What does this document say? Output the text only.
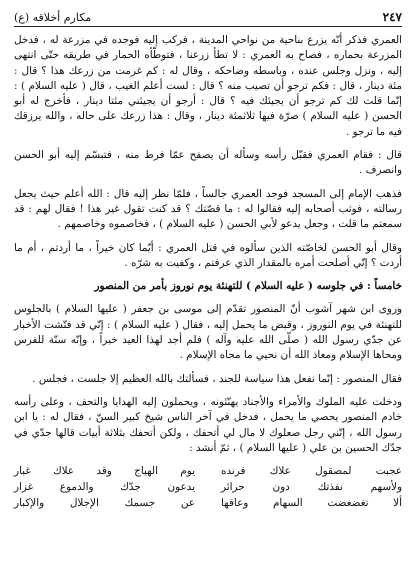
٢٤٧
مكارم أخلاقه (ع)

العمري فذكر أنّه يزرع بناحية من نواحي المدينة ، فركب إليه فوجده في مزرعة له ، فدخل المزرعة بحماره ، فصاح به العمري : لا تطأ زرعنا ، فتوطّأه الحمار في طريقه حتّى انتهى إليه ، ونزل وجلس عنده ، وباسطه وضاحكه ، وقال له : كم غرمت من زرعك هذا ؟ قال : مئة دينار ، قال : فكم ترجو أن تصيب منه ؟ قال : لست أعلم الغيب ، قال ( عليه السلام ) : إنّما قلت لك كم ترجو أن يجيئك فيه ؟ قال : أرجو أن يجيئني مئتا دينار ، فأخرج له أبو الحسن ( عليه السلام ) صرّة فيها ثلاثمئة دينار ، وقال : هذا زرعك على حاله ، والله يرزقك فيه ما ترجو .

قال : فقام العمري فقبّل رأسه وسأله أن يصفح عمّا فرط منه ، فتبسّم إليه أبو الحسن وانصرف .

فذهب الإمام إلى المسجد فوجد العمري جالساً ، فلمّا نظر إليه قال : الله أعلم حيث يجعل رسالته ، فوثب أصحابه إليه فقالوا له : ما قصّتك ؟ قد كنت تقول غير هذا ! فقال لهم : قد سمعتم ما قلت ، وجعل يدعو لأبي الحسن ( عليه السلام ) ، فخاصموه وخاصمهم .

وقال أبو الحسن لخاصّته الذين سألوه في قتل العمري : أيّما كان خيراً ، ما أردتم ، أم ما أردت ؟ إنّي أصلحت أمره بالمقدار الذي عرفتم ، وكفيت به شرّه .

خامساً : في جلوسه ( عليه السلام ) للتهنئة يوم نوروز بأمر من المنصور

وروى ابن شهر آشوب أنّ المنصور تقدّم إلى موسى بن جعفر ( عليها السلام ) بالجلوس للتهنئة في يوم النوروز ، وقبض ما يحمل إليه ، فقال ( عليه السلام ) : إنّي قد فتّشت الأخبار عن جدّي رسول الله ( صلّى الله عليه وآله ) فلم أجد لهذا العيد خبراً ، وإنّه سنّة للفرس ومحاها الإسلام ومعاذ الله أن نحيي ما محاه الإسلام .

فقال المنصور : إنّما نفعل هذا سياسة للجند ، فسألتك بالله العظيم إلا جلست ، فجلس .

ودخلت عليه الملوك والأمراء والأجناد يهنّئونه ، ويحملون إليه الهدايا والتحف ، وعلى رأسه خادم المنصور يحصي ما يحمل ، فدخل في آخر الناس شيخ كبير السنّ ، فقال له : يا ابن رسول الله ، إنّني رجل صعلوك لا مال لي أتحفك ، ولكن أتحفك بثلاثة أبيات قالها جدّي في جدّك الحسين بن علي ( عليها السلام ) ، ثمّ أنشد :

عجبت لمصقول علاك فرنده
يوم الهياج وقد علاك غبار
ولأسهم نفذتك دون حرائر
يدعون جدّك والدموع غزار
ألا تغضغضت السهام وعاقها
عن جسمك الإجلال والإكبار
